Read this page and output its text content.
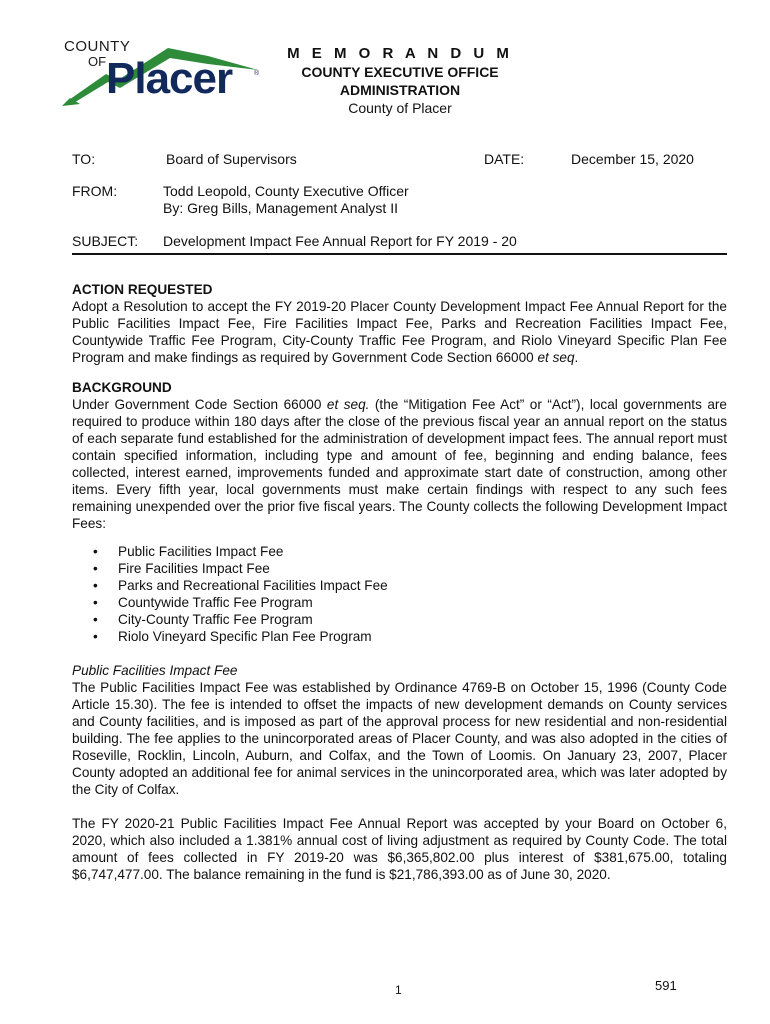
COUNTY
OF Placer	®
M E M O R A N D U M
COUNTY EXECUTIVE OFFICE
ADMINISTRATION
County of Placer
TO:	Board of Supervisors	DATE:	December 15, 2020
FROM:	Todd Leopold, County Executive Officer
By: Greg Bills, Management Analyst II
SUBJECT: Development Impact Fee Annual Report for FY 2019 - 20
ACTION REQUESTED
Adopt a Resolution to accept the FY 2019-20 Placer County Development Impact Fee Annual Report for the Public Facilities Impact Fee, Fire Facilities Impact Fee, Parks and Recreation Facilities Impact Fee, Countywide Traffic Fee Program, City-County Traffic Fee Program, and Riolo Vineyard Specific Plan Fee Program and make findings as required by Government Code Section 66000 et seq.
BACKGROUND
Under Government Code Section 66000 et seq. (the “Mitigation Fee Act” or “Act”), local governments are required to produce within 180 days after the close of the previous fiscal year an annual report on the status of each separate fund established for the administration of development impact fees. The annual report must contain specified information, including type and amount of fee, beginning and ending balance, fees collected, interest earned, improvements funded and approximate start date of construction, among other items. Every fifth year, local governments must make certain findings with respect to any such fees remaining unexpended over the prior five fiscal years. The County collects the following Development Impact Fees:
• Public Facilities Impact Fee
• Fire Facilities Impact Fee
• Parks and Recreational Facilities Impact Fee
• Countywide Traffic Fee Program
• City-County Traffic Fee Program
• Riolo Vineyard Specific Plan Fee Program
Public Facilities Impact Fee
The Public Facilities Impact Fee was established by Ordinance 4769-B on October 15, 1996 (County Code Article 15.30). The fee is intended to offset the impacts of new development demands on County services and County facilities, and is imposed as part of the approval process for new residential and non-residential building. The fee applies to the unincorporated areas of Placer County, and was also adopted in the cities of Roseville, Rocklin, Lincoln, Auburn, and Colfax, and the Town of Loomis. On January 23, 2007, Placer County adopted an additional fee for animal services in the unincorporated area, which was later adopted by the City of Colfax.
The FY 2020-21 Public Facilities Impact Fee Annual Report was accepted by your Board on October 6, 2020, which also included a 1.381% annual cost of living adjustment as required by County Code. The total amount of fees collected in FY 2019-20 was $6,365,802.00 plus interest of $381,675.00, totaling $6,747,477.00. The balance remaining in the fund is $21,786,393.00 as of June 30, 2020.
1	591
